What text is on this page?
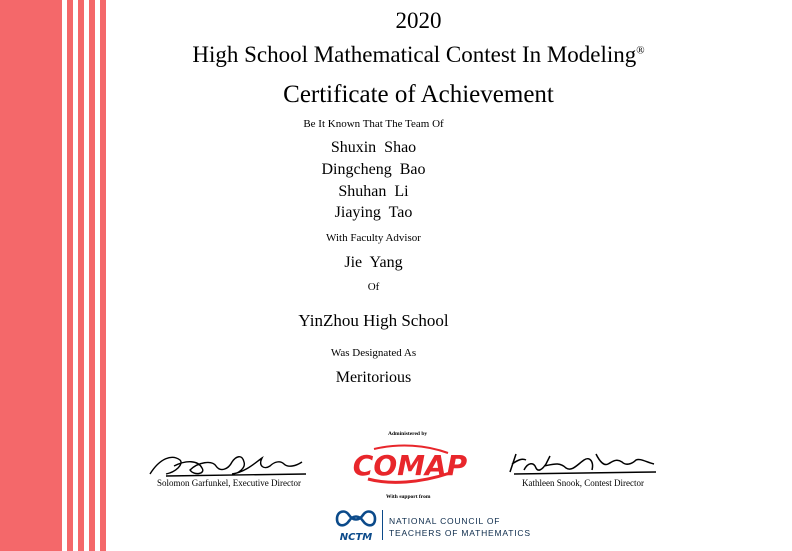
2020
High School Mathematical Contest In Modeling®
Certificate of Achievement
Be It Known That The Team Of
Shuxin Shao
Dingcheng Bao
Shuhan Li
Jiaying Tao
With Faculty Advisor
Jie Yang
Of
YinZhou High School
Was Designated As
Meritorious
Solomon Garfunkel, Executive Director
Administered by
COMAP
With support from
NCTM
NATIONAL COUNCIL OF
TEACHERS OF MATHEMATICS
Kathleen Snook, Contest Director
